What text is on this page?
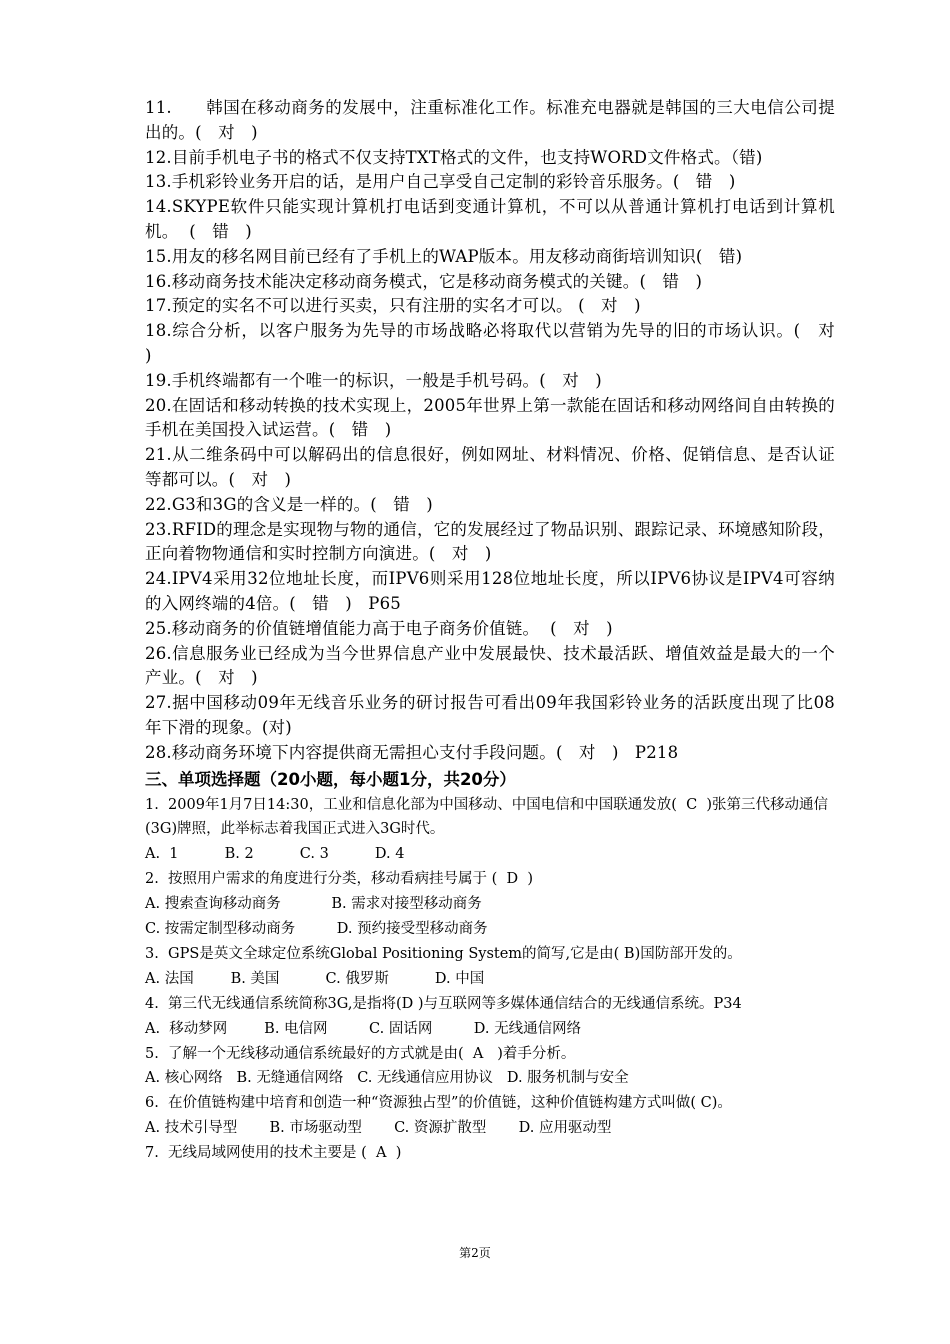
11.      韩国在移动商务的发展中，注重标准化工作。标准充电器就是韩国的三大电信公司提出的。(   对   )

12.目前手机电子书的格式不仅支持TXT格式的文件，也支持WORD文件格式。（错)

13.手机彩铃业务开启的话，是用户自己享受自己定制的彩铃音乐服务。(   错   )

14.SKYPE软件只能实现计算机打电话到变通计算机，不可以从普通计算机打电话到计算机机。  (   错   )

15.用友的移名网目前已经有了手机上的WAP版本。用友移动商街培训知识(   错)

16.移动商务技术能决定移动商务模式，它是移动商务模式的关键。(   错   )

17.预定的实名不可以进行买卖，只有注册的实名才可以。 (   对   )

18.综合分析，以客户服务为先导的市场战略必将取代以营销为先导的旧的市场认识。(   对   )

19.手机终端都有一个唯一的标识，一般是手机号码。(   对   )

20.在固话和移动转换的技术实现上，2005年世界上第一款能在固话和移动网络间自由转换的手机在美国投入试运营。(   错   )

21.从二维条码中可以解码出的信息很好，例如网址、材料情况、价格、促销信息、是否认证等都可以。(   对   )

22.G3和3G的含义是一样的。(   错   )

23.RFID的理念是实现物与物的通信，它的发展经过了物品识别、跟踪记录、环境感知阶段，正向着物物通信和实时控制方向演进。(   对   )

24.IPV4采用32位地址长度，而IPV6则采用128位地址长度，所以IPV6协议是IPV4可容纳的入网终端的4倍。(   错   )   P65

25.移动商务的价值链增值能力高于电子商务价值链。  (   对   )

26.信息服务业已经成为当今世界信息产业中发展最快、技术最活跃、增值效益是最大的一个产业。(   对   )

27.据中国移动09年无线音乐业务的研讨报告可看出09年我国彩铃业务的活跃度出现了比08年下滑的现象。(对)

28.移动商务环境下内容提供商无需担心支付手段问题。(   对   )   P218

三、单项选择题（20小题，每小题1分，共20分）

1.  2009年1月7日14:30，工业和信息化部为中国移动、中国电信和中国联通发放(  C  )张第三代移动通信(3G)牌照，此举标志着我国正式进入3G时代。

A.  1          B. 2          C. 3          D. 4

2.  按照用户需求的角度进行分类，移动看病挂号属于 (  D  )

A. 搜索查询移动商务           B. 需求对接型移动商务

C. 按需定制型移动商务         D. 预约接受型移动商务

3.  GPS是英文全球定位系统Global Positioning System的简写,它是由( B)国防部开发的。

A. 法国        B. 美国          C. 俄罗斯          D. 中国

4.  第三代无线通信系统简称3G,是指将(D )与互联网等多媒体通信结合的无线通信系统。P34

A.  移动梦网        B. 电信网         C. 固话网         D. 无线通信网络

5.  了解一个无线移动通信系统最好的方式就是由(  A   )着手分析。

A. 核心网络   B. 无缝通信网络   C. 无线通信应用协议   D. 服务机制与安全

6.  在价值链构建中培育和创造一种“资源独占型”的价值链，这种价值链构建方式叫做( C)。

A. 技术引导型       B. 市场驱动型       C. 资源扩散型       D. 应用驱动型

7.  无线局域网使用的技术主要是 (  A  )

第2页
